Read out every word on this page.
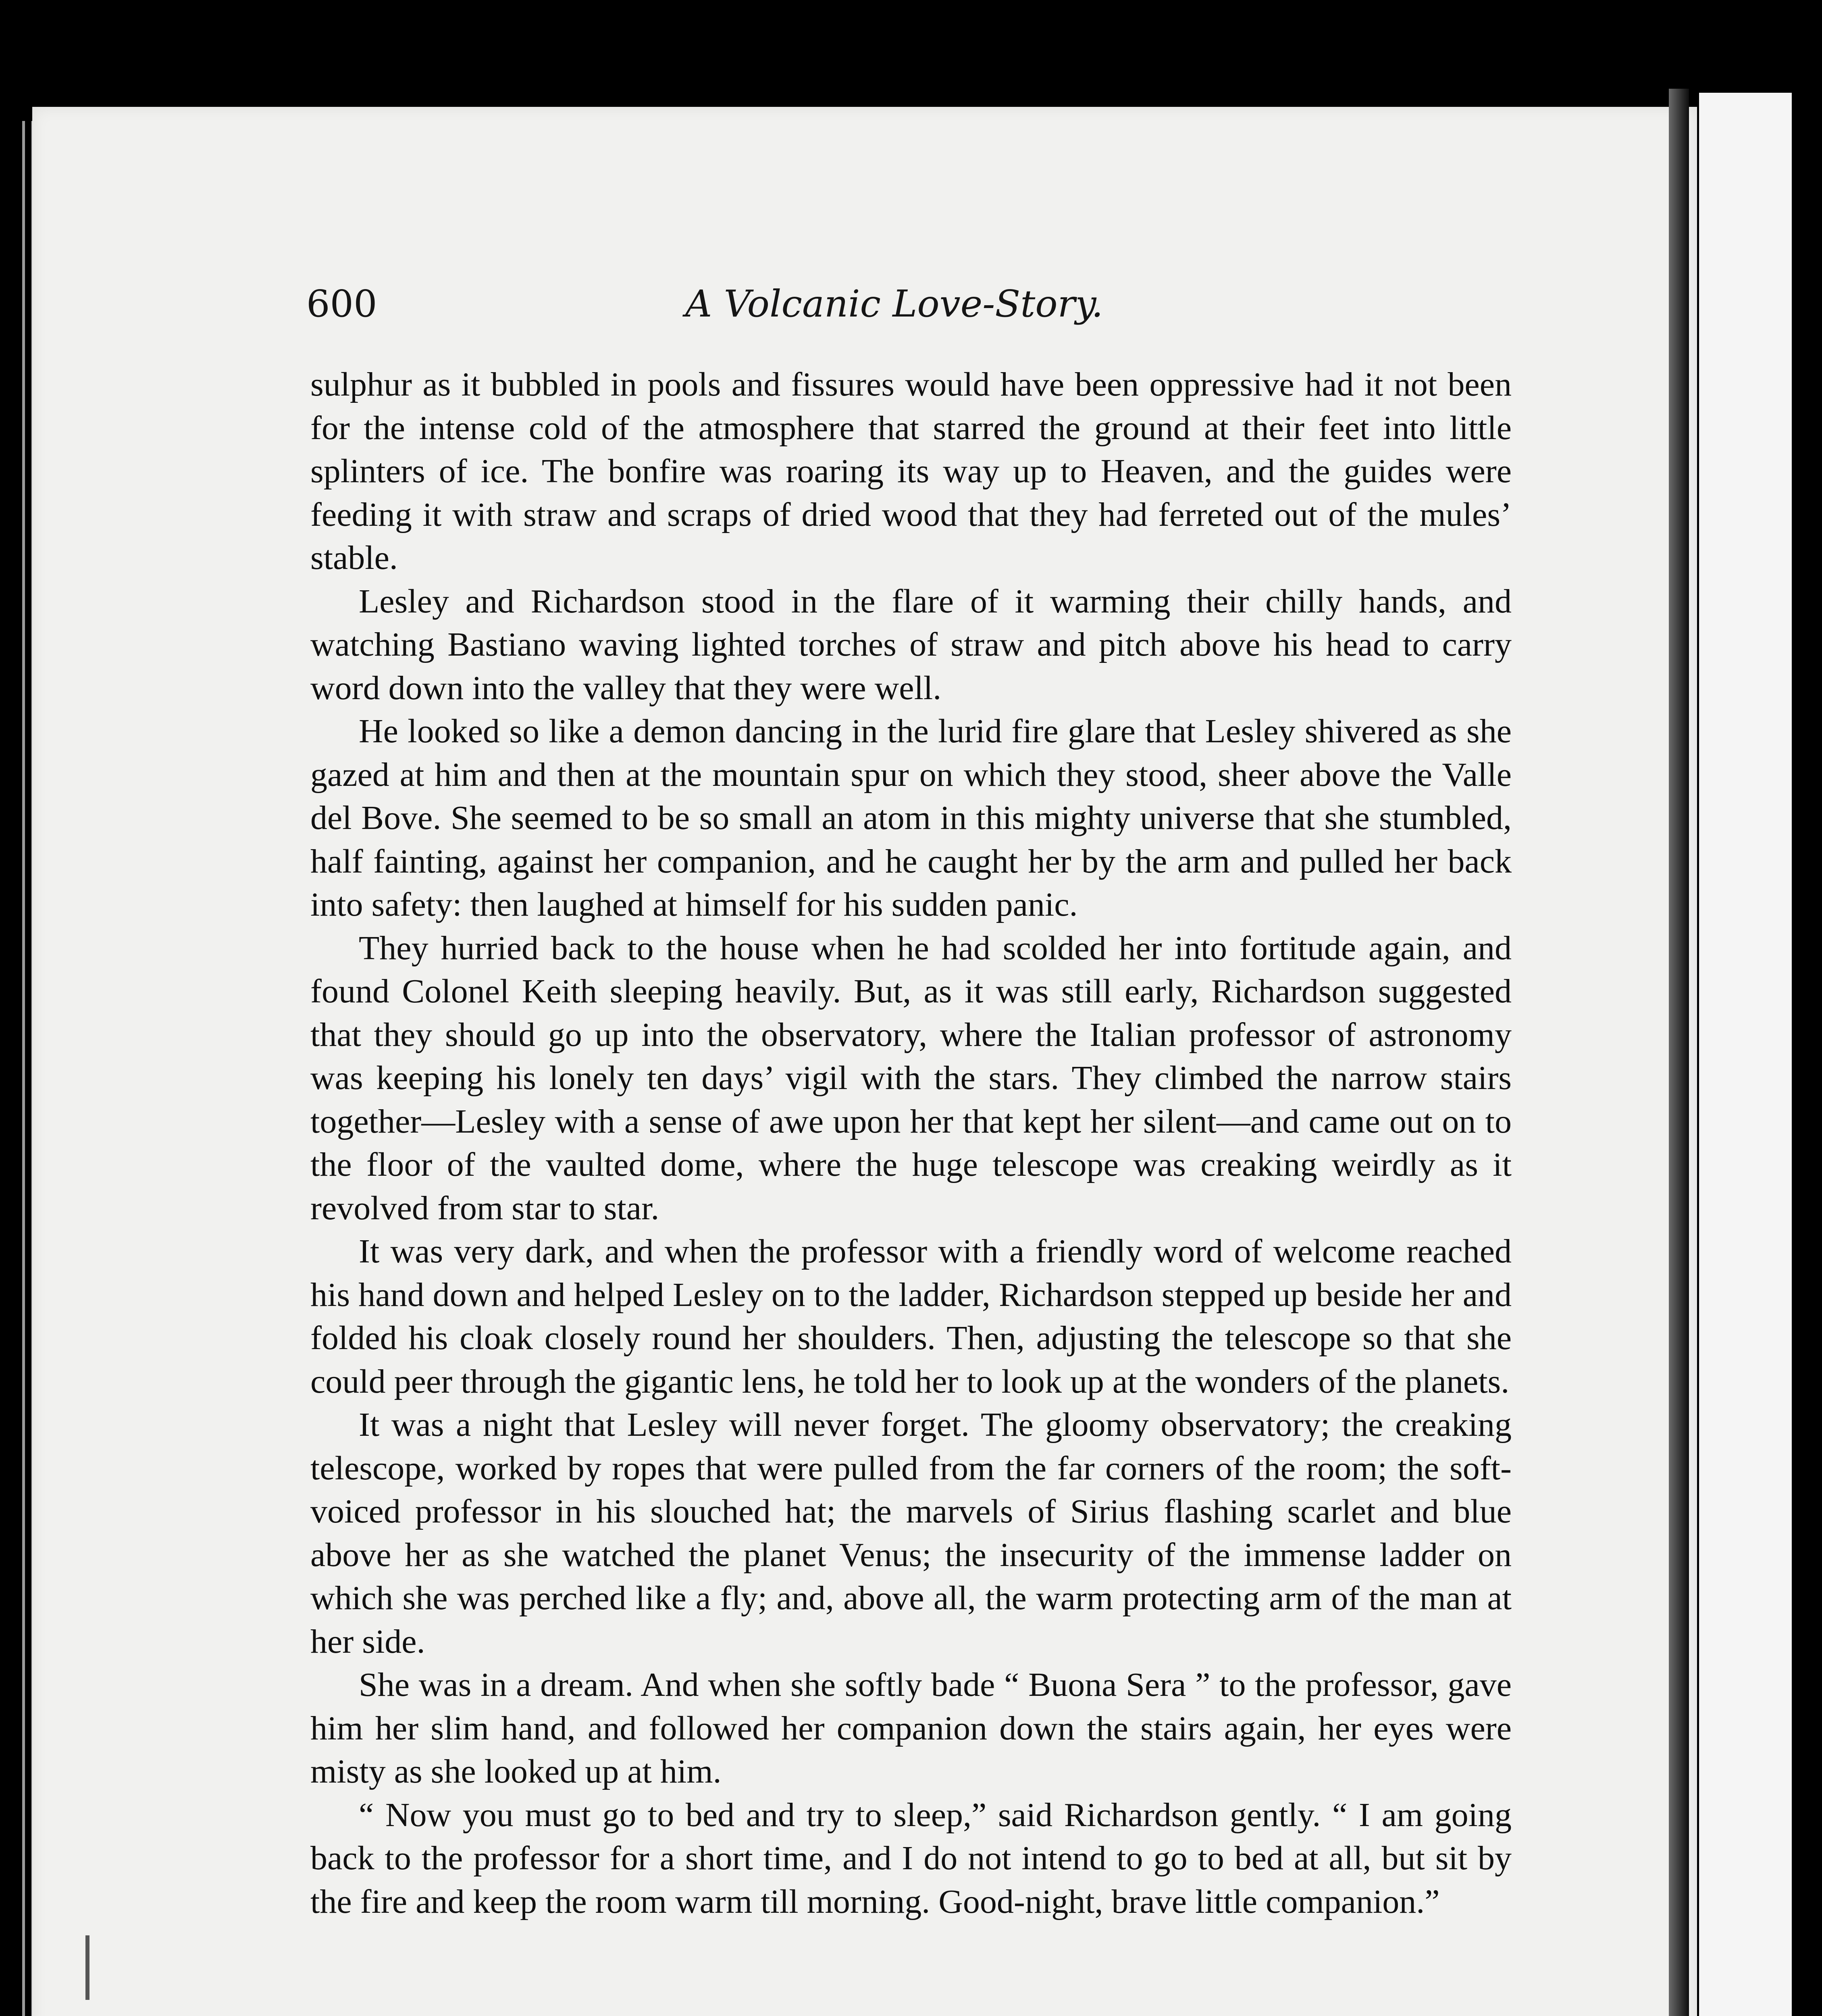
600	A Volcanic Love-Story.

sulphur as it bubbled in pools and fissures would have been oppressive had it not been for the intense cold of the atmosphere that starred the ground at their feet into little splinters of ice. The bonfire was roaring its way up to Heaven, and the guides were feeding it with straw and scraps of dried wood that they had ferreted out of the mules’ stable.

Lesley and Richardson stood in the flare of it warming their chilly hands, and watching Bastiano waving lighted torches of straw and pitch above his head to carry word down into the valley that they were well.

He looked so like a demon dancing in the lurid fire glare that Lesley shivered as she gazed at him and then at the mountain spur on which they stood, sheer above the Valle del Bove. She seemed to be so small an atom in this mighty universe that she stumbled, half fainting, against her companion, and he caught her by the arm and pulled her back into safety: then laughed at himself for his sudden panic.

They hurried back to the house when he had scolded her into fortitude again, and found Colonel Keith sleeping heavily. But, as it was still early, Richardson suggested that they should go up into the observatory, where the Italian professor of astronomy was keeping his lonely ten days’ vigil with the stars. They climbed the narrow stairs together—Lesley with a sense of awe upon her that kept her silent—and came out on to the floor of the vaulted dome, where the huge telescope was creaking weirdly as it revolved from star to star.

It was very dark, and when the professor with a friendly word of welcome reached his hand down and helped Lesley on to the ladder, Richardson stepped up beside her and folded his cloak closely round her shoulders. Then, adjusting the telescope so that she could peer through the gigantic lens, he told her to look up at the wonders of the planets.

It was a night that Lesley will never forget. The gloomy observatory; the creaking telescope, worked by ropes that were pulled from the far corners of the room; the soft-voiced professor in his slouched hat; the marvels of Sirius flashing scarlet and blue above her as she watched the planet Venus; the insecurity of the immense ladder on which she was perched like a fly; and, above all, the warm protecting arm of the man at her side.

She was in a dream. And when she softly bade “ Buona Sera ” to the professor, gave him her slim hand, and followed her companion down the stairs again, her eyes were misty as she looked up at him.

“ Now you must go to bed and try to sleep,” said Richardson gently. “ I am going back to the professor for a short time, and I do not intend to go to bed at all, but sit by the fire and keep the room warm till morning. Good-night, brave little companion.”
